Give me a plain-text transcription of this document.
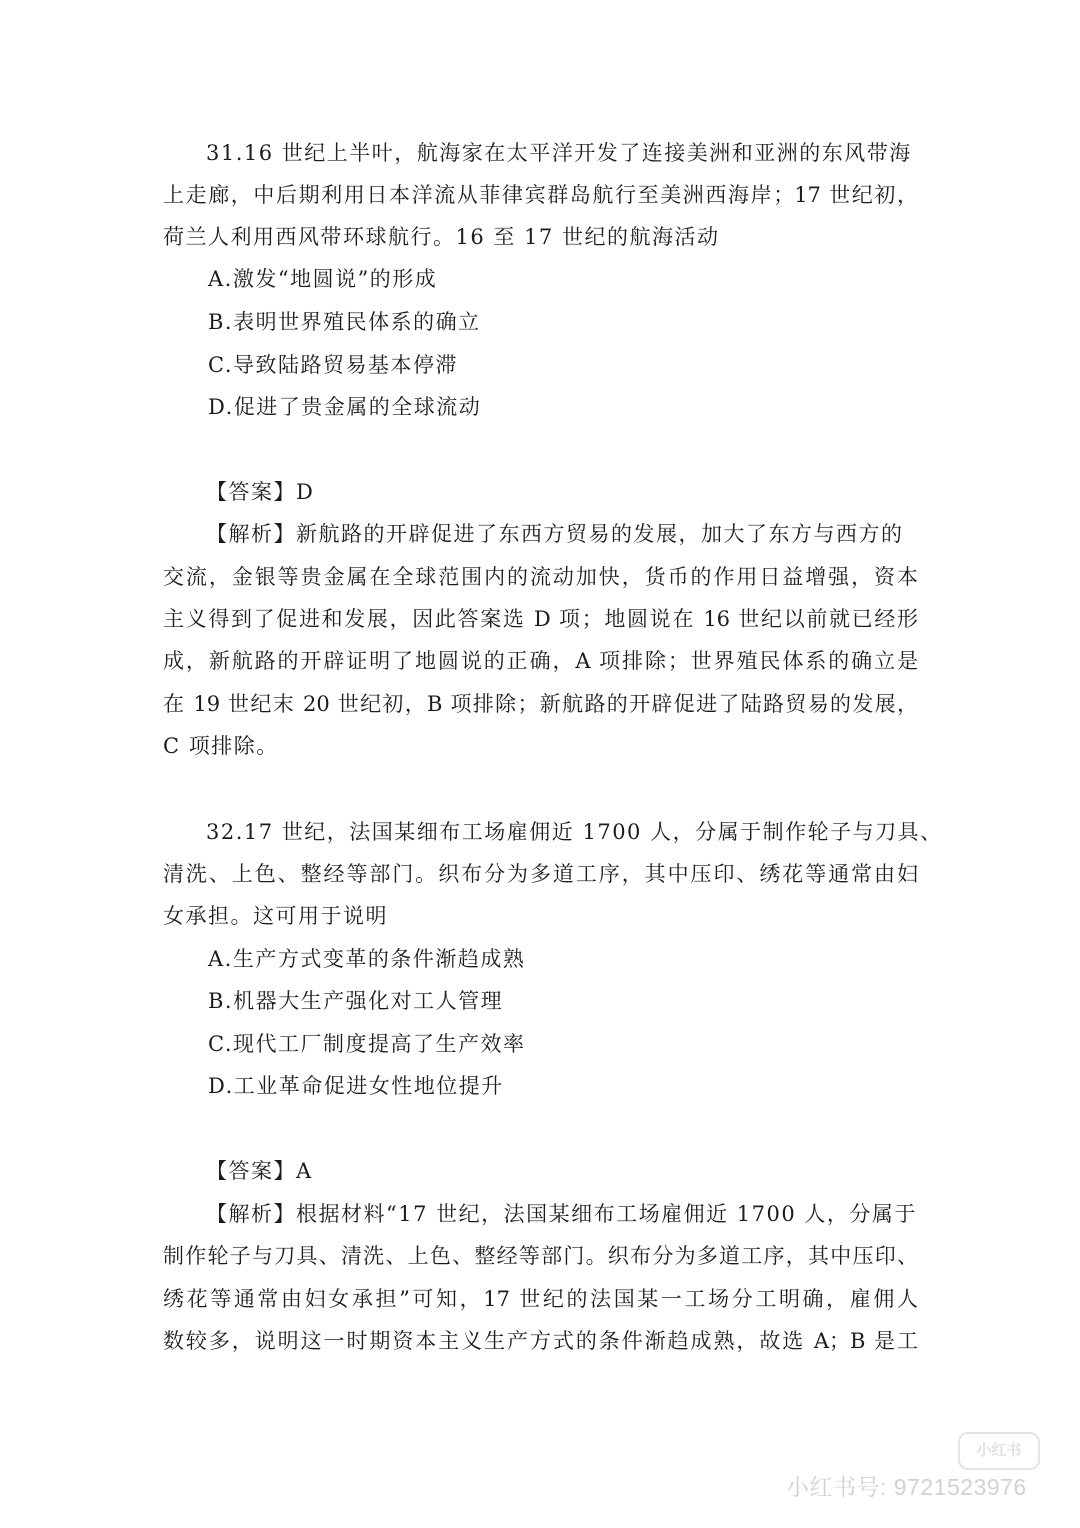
31.16 世纪上半叶，航海家在太平洋开发了连接美洲和亚洲的东风带海
上走廊，中后期利用日本洋流从菲律宾群岛航行至美洲西海岸；17 世纪初，
荷兰人利用西风带环球航行。16 至 17 世纪的航海活动
A.激发“地圆说”的形成
B.表明世界殖民体系的确立
C.导致陆路贸易基本停滞
D.促进了贵金属的全球流动
【答案】D
【解析】新航路的开辟促进了东西方贸易的发展，加大了东方与西方的
交流，金银等贵金属在全球范围内的流动加快，货币的作用日益增强，资本
主义得到了促进和发展，因此答案选 D 项；地圆说在 16 世纪以前就已经形
成，新航路的开辟证明了地圆说的正确，A 项排除；世界殖民体系的确立是
在 19 世纪末 20 世纪初，B 项排除；新航路的开辟促进了陆路贸易的发展，
C 项排除。
32.17 世纪，法国某细布工场雇佣近 1700 人，分属于制作轮子与刀具、
清洗、上色、整经等部门。织布分为多道工序，其中压印、绣花等通常由妇
女承担。这可用于说明
A.生产方式变革的条件渐趋成熟
B.机器大生产强化对工人管理
C.现代工厂制度提高了生产效率
D.工业革命促进女性地位提升
【答案】A
【解析】根据材料“17 世纪，法国某细布工场雇佣近 1700 人，分属于
制作轮子与刀具、清洗、上色、整经等部门。织布分为多道工序，其中压印、
绣花等通常由妇女承担”可知，17 世纪的法国某一工场分工明确，雇佣人
数较多，说明这一时期资本主义生产方式的条件渐趋成熟，故选 A；B 是工
小红书
小红书号: 9721523976
